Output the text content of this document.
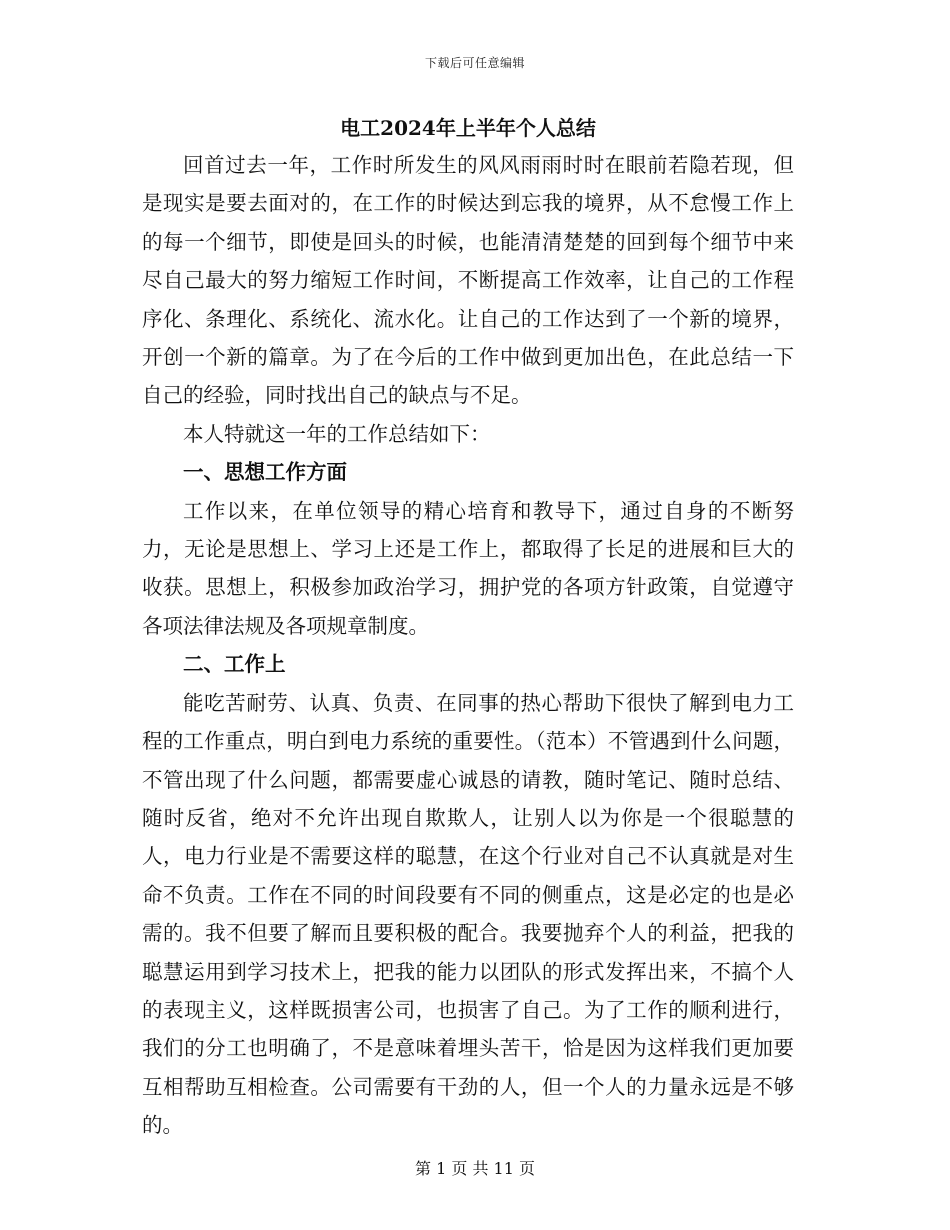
下载后可任意编辑
电工2024年上半年个人总结

回首过去一年，工作时所发生的风风雨雨时时在眼前若隐若现，但是现实是要去面对的，在工作的时候达到忘我的境界，从不怠慢工作上的每一个细节，即使是回头的时候，也能清清楚楚的回到每个细节中来尽自己最大的努力缩短工作时间，不断提高工作效率，让自己的工作程序化、条理化、系统化、流水化。让自己的工作达到了一个新的境界，开创一个新的篇章。为了在今后的工作中做到更加出色，在此总结一下自己的经验，同时找出自己的缺点与不足。

本人特就这一年的工作总结如下：

一、思想工作方面

工作以来，在单位领导的精心培育和教导下，通过自身的不断努力，无论是思想上、学习上还是工作上，都取得了长足的进展和巨大的收获。思想上，积极参加政治学习，拥护党的各项方针政策，自觉遵守各项法律法规及各项规章制度。

二、工作上

能吃苦耐劳、认真、负责、在同事的热心帮助下很快了解到电力工程的工作重点，明白到电力系统的重要性。（范本）不管遇到什么问题，不管出现了什么问题，都需要虚心诚恳的请教，随时笔记、随时总结、随时反省，绝对不允许出现自欺欺人，让别人以为你是一个很聪慧的人，电力行业是不需要这样的聪慧，在这个行业对自己不认真就是对生命不负责。工作在不同的时间段要有不同的侧重点，这是必定的也是必需的。我不但要了解而且要积极的配合。我要抛弃个人的利益，把我的聪慧运用到学习技术上，把我的能力以团队的形式发挥出来，不搞个人的表现主义，这样既损害公司，也损害了自己。为了工作的顺利进行，我们的分工也明确了，不是意味着埋头苦干，恰是因为这样我们更加要互相帮助互相检查。公司需要有干劲的人，但一个人的力量永远是不够的。

第 1 页 共 11 页
